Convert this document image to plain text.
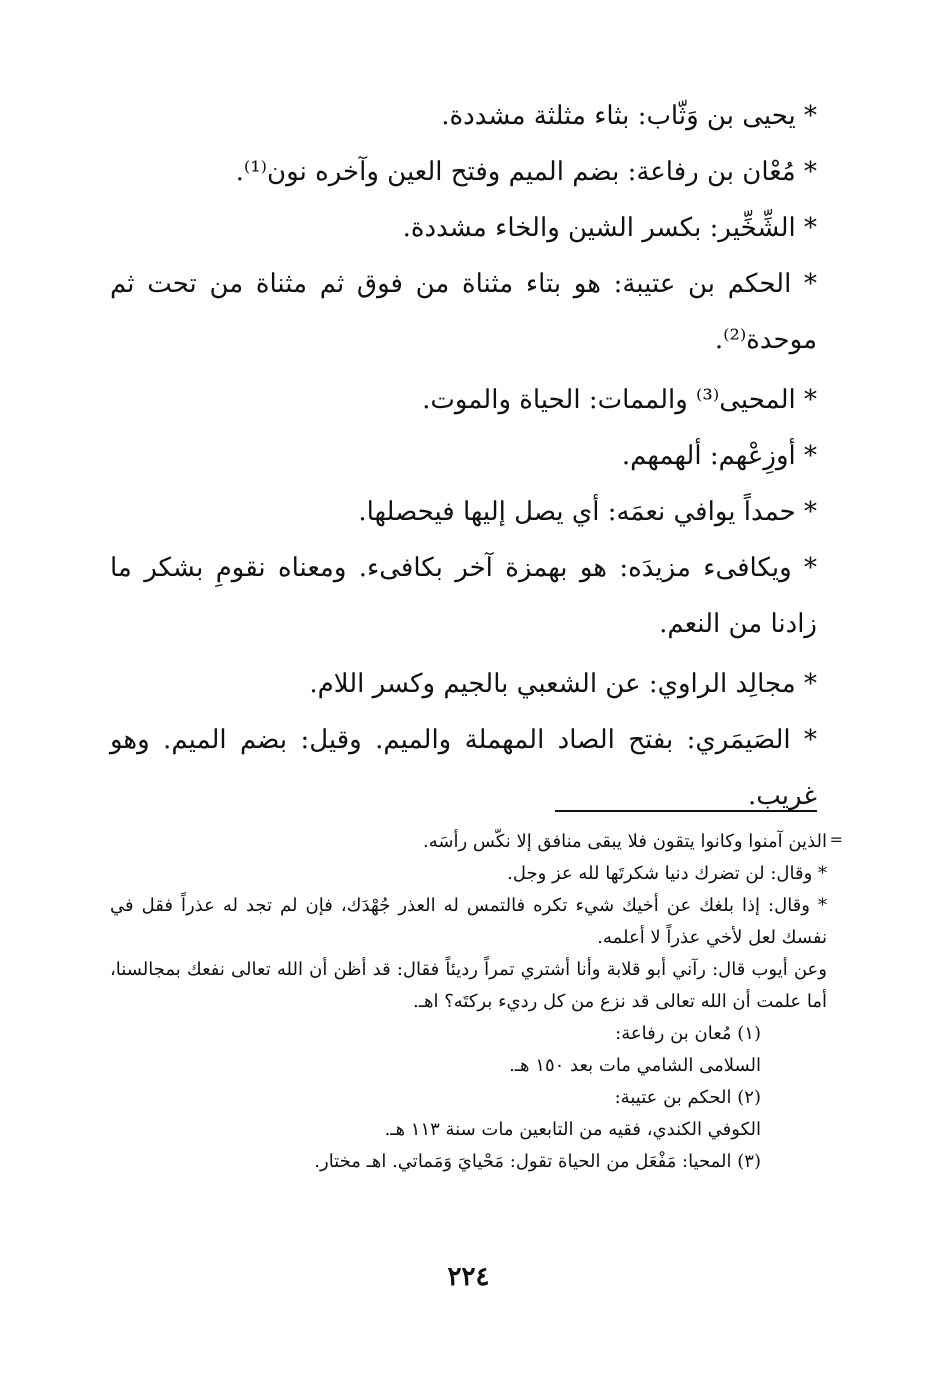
* يحيى بن وَثّاب: بثاء مثلثة مشددة.

* مُعْان بن رفاعة: بضم الميم وفتح العين وآخره نون⁽¹⁾.

* الشِّخِّير: بكسر الشين والخاء مشددة.

* الحكم بن عتيبة: هو بتاء مثناة من فوق ثم مثناة من تحت ثم موحدة⁽²⁾.

* المحيى⁽³⁾ والممات: الحياة والموت.

* أوزِعْهم: ألهمهم.

* حمداً يوافي نعمَه: أي يصل إليها فيحصلها.

* ويكافىء مزيدَه: هو بهمزة آخر بكافىء. ومعناه نقومِ بشكر ما زادنا من النعم.

* مجالِد الراوي: عن الشعبي بالجيم وكسر اللام.

* الصَيمَري: بفتح الصاد المهملة والميم. وقيل: بضم الميم. وهو غريب.

=
الذين آمنوا وكانوا يتقون فلا يبقى منافق إلا نكّس رأسَه.

* وقال: لن تضرك دنيا شكرتَها لله عز وجل.

* وقال: إذا بلغك عن أخيك شيء تكره فالتمس له العذر جُهْدَك، فإن لم تجد له عذراً فقل في نفسك لعل لأخي عذراً لا أعلمه.

وعن أيوب قال: رآني أبو قلابة وأنا أشتري تمراً رديئاً فقال: قد أظن أن الله تعالى نفعك بمجالسنا، أما علمت أن الله تعالى قد نزع من كل رديء بركتَه؟ اهـ.

(١) مُعان بن رفاعة:

السلامى الشامي مات بعد ١٥٠ هـ.

(٢) الحكم بن عتيبة:

الكوفي الكندي، فقيه من التابعين مات سنة ١١٣ هـ.

(٣) المحيا: مَفْعَل من الحياة تقول: مَحْيايَ وَمَماتي. اهـ مختار.

٢٢٤
